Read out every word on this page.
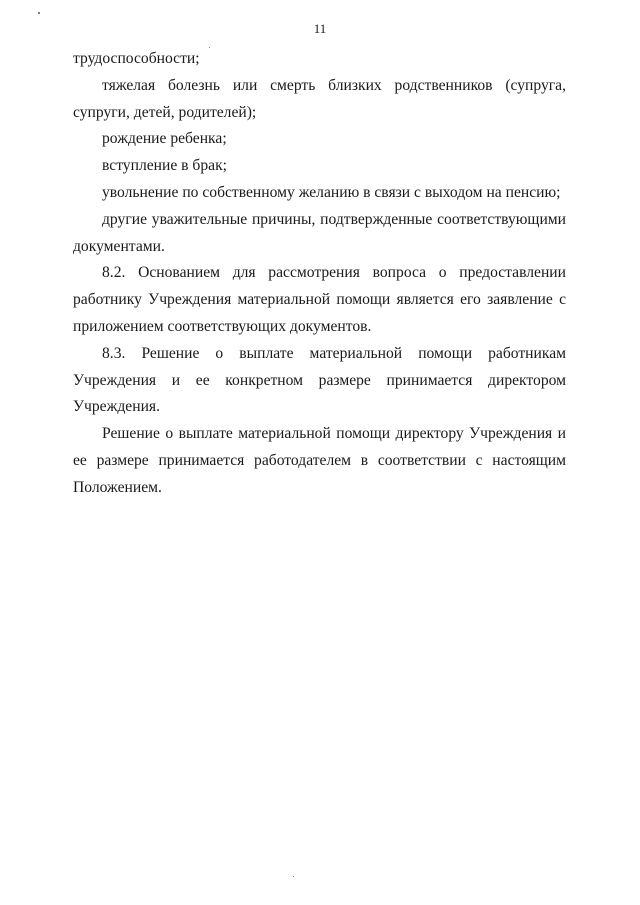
11

трудоспособности;

тяжелая болезнь или смерть близких родственников (супруга, супруги, детей, родителей);

рождение ребенка;

вступление в брак;

увольнение по собственному желанию в связи с выходом на пенсию;

другие уважительные причины, подтвержденные соответствующими документами.

8.2. Основанием для рассмотрения вопроса о предоставлении работнику Учреждения материальной помощи является его заявление с приложением соответствующих документов.

8.3. Решение о выплате материальной помощи работникам Учреждения и ее конкретном размере принимается директором Учреждения.

Решение о выплате материальной помощи директору Учреждения и ее размере принимается работодателем в соответствии с настоящим Положением.
